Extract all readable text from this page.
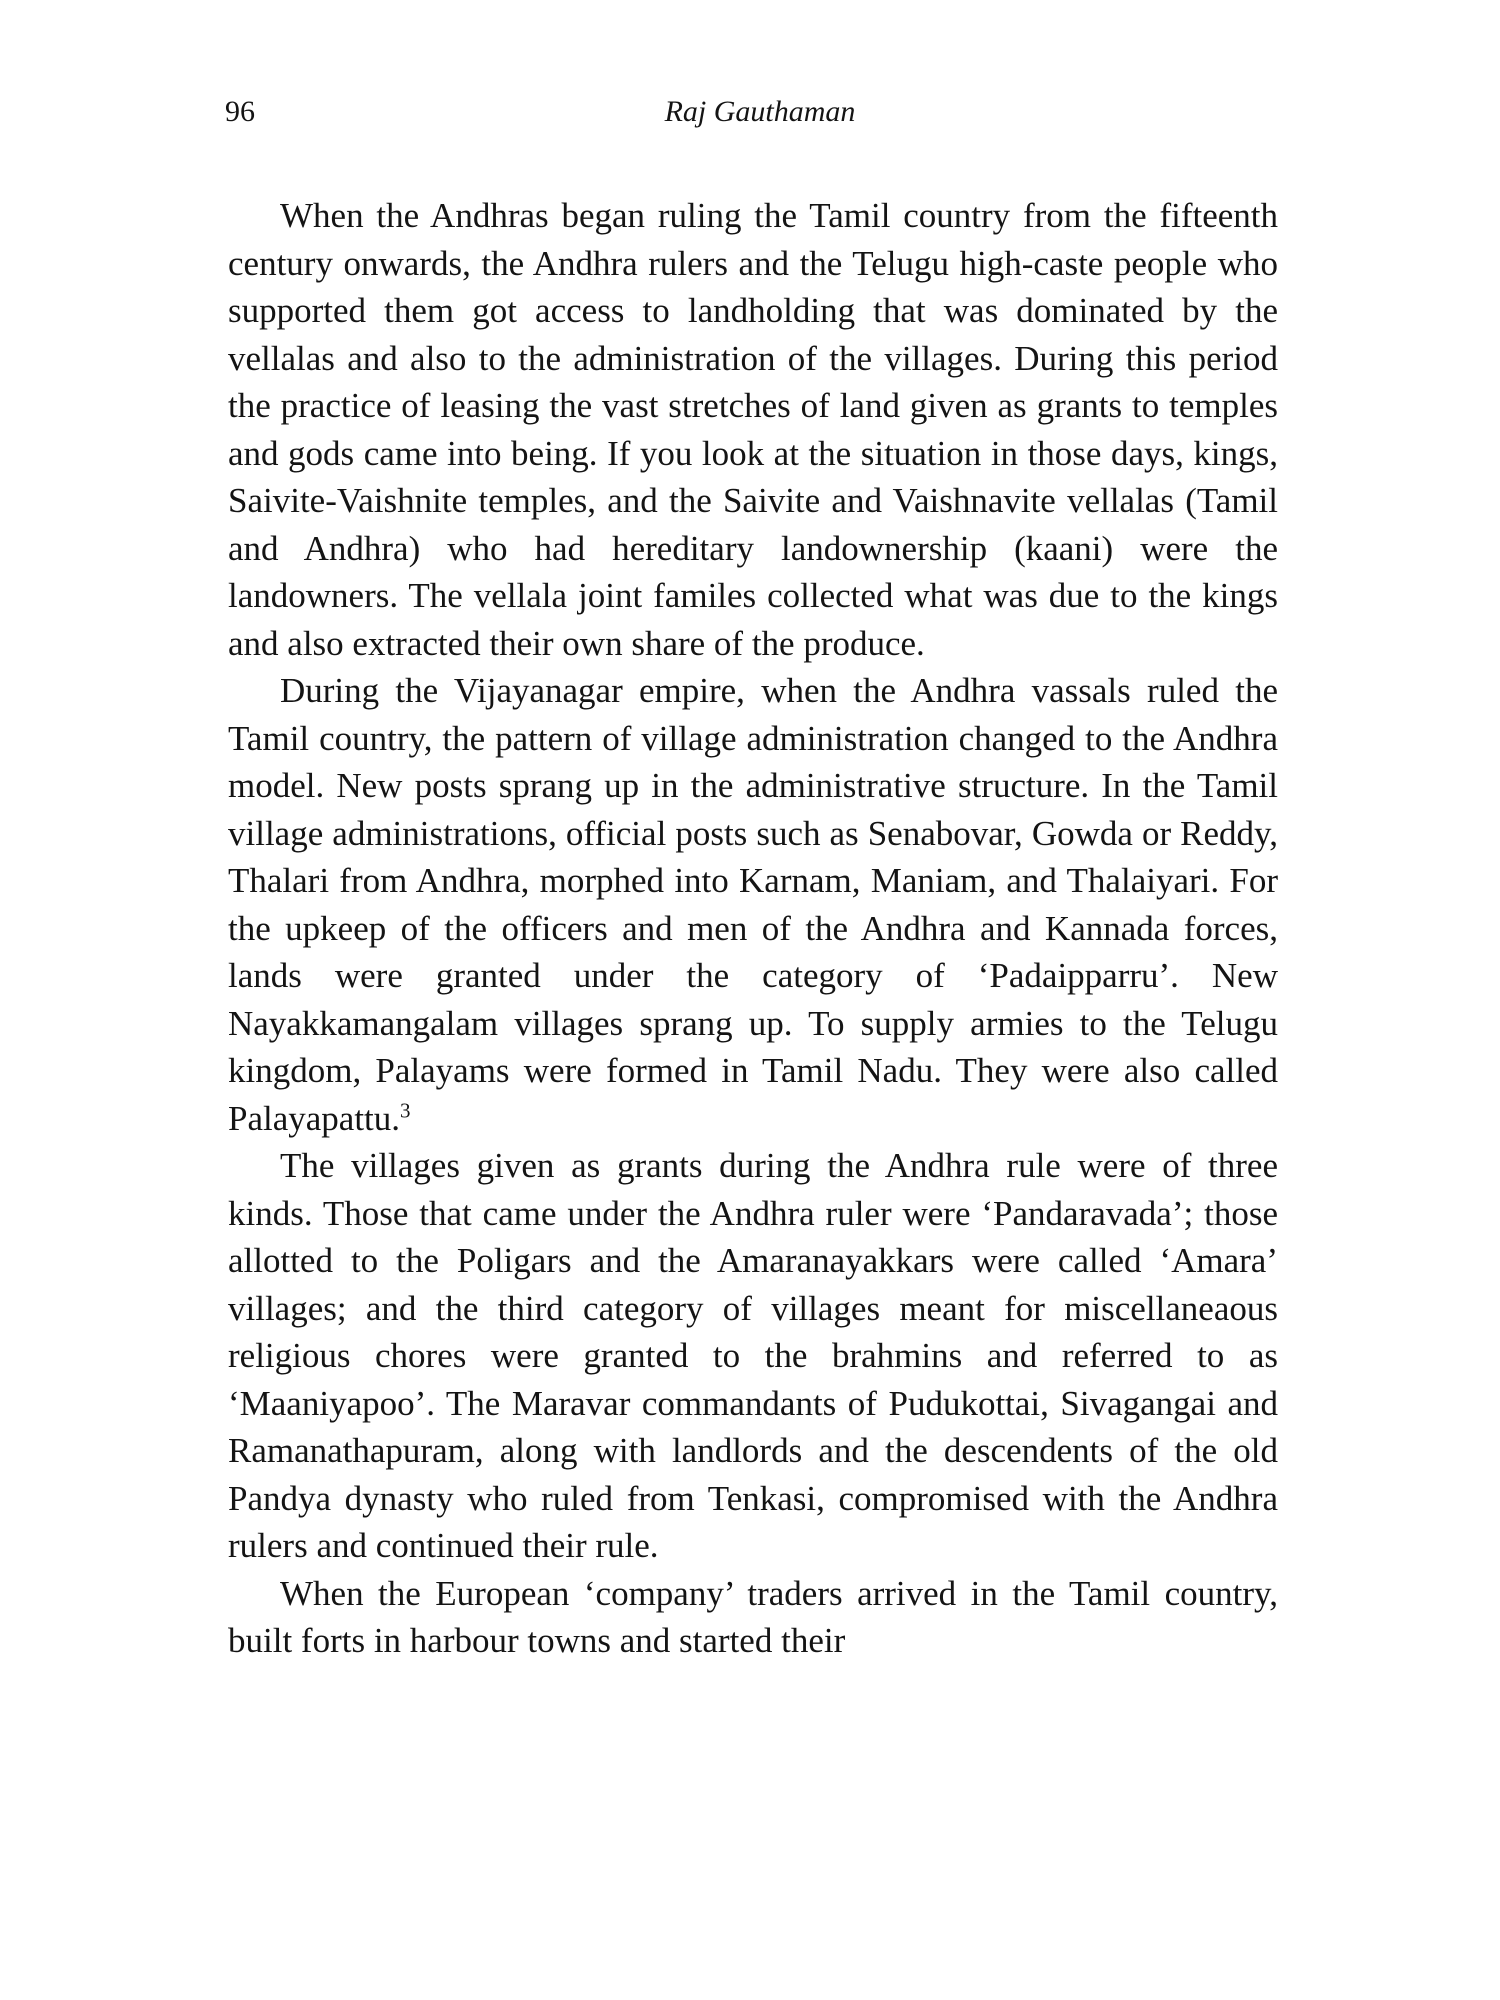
96	Raj Gauthaman

When the Andhras began ruling the Tamil country from the fifteenth century onwards, the Andhra rulers and the Telugu high-caste people who supported them got access to landholding that was dominated by the vellalas and also to the administration of the villages. During this period the practice of leasing the vast stretches of land given as grants to temples and gods came into being. If you look at the situation in those days, kings, Saivite-Vaishnite temples, and the Saivite and Vaishnavite vellalas (Tamil and Andhra) who had hereditary landownership (kaani) were the landowners. The vellala joint familes collected what was due to the kings and also extracted their own share of the produce.

During the Vijayanagar empire, when the Andhra vassals ruled the Tamil country, the pattern of village administration changed to the Andhra model. New posts sprang up in the administrative structure. In the Tamil village administrations, official posts such as Senabovar, Gowda or Reddy, Thalari from Andhra, morphed into Karnam, Maniam, and Thalaiyari. For the upkeep of the officers and men of the Andhra and Kannada forces, lands were granted under the category of ‘Padaipparru’. New Nayakkamangalam villages sprang up. To supply armies to the Telugu kingdom, Palayams were formed in Tamil Nadu. They were also called Palayapattu.$^3$

The villages given as grants during the Andhra rule were of three kinds. Those that came under the Andhra ruler were ‘Pandaravada’; those allotted to the Poligars and the Amaranayakkars were called ‘Amara’ villages; and the third category of villages meant for miscellaneaous religious chores were granted to the brahmins and referred to as ‘Maaniyapoo’. The Maravar commandants of Pudukottai, Sivagangai and Ramanathapuram, along with landlords and the descendents of the old Pandya dynasty who ruled from Tenkasi, compromised with the Andhra rulers and continued their rule.

When the European ‘company’ traders arrived in the Tamil country, built forts in harbour towns and started their
